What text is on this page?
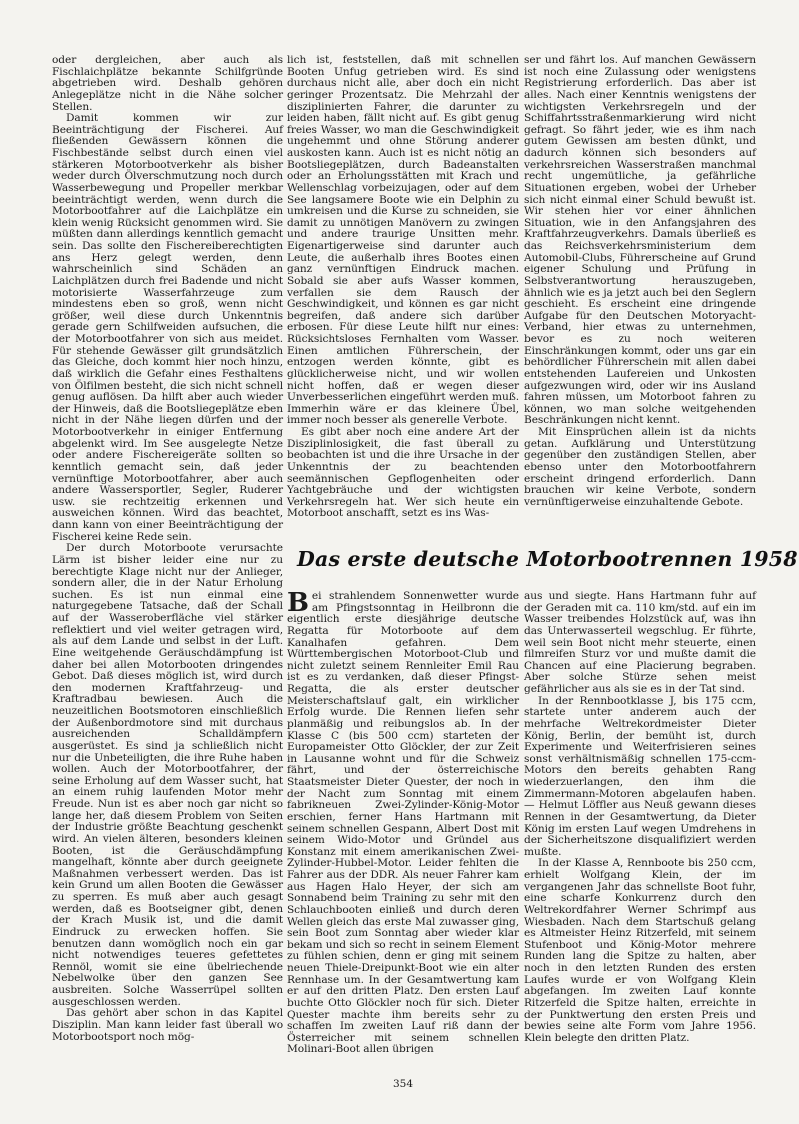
oder dergleichen, aber auch als Fischlaichplätze bekannte Schilfgründe abgetrieben wird. Deshalb gehören Anlegeplätze nicht in die Nähe solcher Stellen.

Damit kommen wir zur Beeinträchtigung der Fischerei. Auf fließenden Gewässern können die Fischbestände selbst durch einen viel stärkeren Motorbootverkehr als bisher weder durch Ölverschmutzung noch durch Wasserbewegung und Propeller merkbar beeinträchtigt werden, wenn durch die Motorbootfahrer auf die Laichplätze ein klein wenig Rücksicht genommen wird. Sie müßten dann allerdings kenntlich gemacht sein. Das sollte den Fischereiberechtigten ans Herz gelegt werden, denn wahrscheinlich sind Schäden an Laichplätzen durch frei Badende und nicht motorisierte Wasserfahrzeuge zum mindestens eben so groß, wenn nicht größer, weil diese durch Unkenntnis gerade gern Schilfweiden aufsuchen, die der Motorbootfahrer von sich aus meidet. Für stehende Gewässer gilt grundsätzlich das Gleiche, doch kommt hier noch hinzu, daß wirklich die Gefahr eines Festhaltens von Ölfilmen besteht, die sich nicht schnell genug auflösen. Da hilft aber auch wieder der Hinweis, daß die Bootsliegeplätze eben nicht in der Nähe liegen dürfen und der Motorbootverkehr in einiger Entfernung abgelenkt wird. Im See ausgelegte Netze oder andere Fischereigeräte sollten so kenntlich gemacht sein, daß jeder vernünftige Motorbootfahrer, aber auch andere Wassersportler, Segler, Ruderer usw. sie rechtzeitig erkennen und ausweichen können. Wird das beachtet, dann kann von einer Beeinträchtigung der Fischerei keine Rede sein.

Der durch Motorboote verursachte Lärm ist bisher leider eine nur zu berechtigte Klage nicht nur der Anlieger, sondern aller, die in der Natur Erholung suchen. Es ist nun einmal eine naturgegebene Tatsache, daß der Schall auf der Wasseroberfläche viel stärker reflektiert und viel weiter getragen wird, als auf dem Lande und selbst in der Luft. Eine weitgehende Geräuschdämpfung ist daher bei allen Motorbooten dringendes Gebot. Daß dieses möglich ist, wird durch den modernen Kraftfahrzeug- und Kraftradbau bewiesen. Auch die neuzeitlichen Bootsmotoren einschließlich der Außenbordmotore sind mit durchaus ausreichenden Schalldämpfern ausgerüstet. Es sind ja schließlich nicht nur die Unbeteiligten, die ihre Ruhe haben wollen. Auch der Motorbootfahrer, der seine Erholung auf dem Wasser sucht, hat an einem ruhig laufenden Motor mehr Freude. Nun ist es aber noch gar nicht so lange her, daß diesem Problem von Seiten der Industrie größte Beachtung geschenkt wird. An vielen älteren, besonders kleinen Booten, ist die Geräuschdämpfung mangelhaft, könnte aber durch geeignete Maßnahmen verbessert werden. Das ist kein Grund um allen Booten die Gewässer zu sperren. Es muß aber auch gesagt werden, daß es Bootseigner gibt, denen der Krach Musik ist, und die damit Eindruck zu erwecken hoffen. Sie benutzen dann womöglich noch ein gar nicht notwendiges teueres gefettetes Rennöl, womit sie eine übelriechende Nebelwolke über den ganzen See ausbreiten. Solche Wasserrüpel sollten ausgeschlossen werden.

Das gehört aber schon in das Kapitel Disziplin. Man kann leider fast überall wo Motorbootsport noch mög-

lich ist, feststellen, daß mit schnellen Booten Unfug getrieben wird. Es sind durchaus nicht alle, aber doch ein nicht geringer Prozentsatz. Die Mehrzahl der disziplinierten Fahrer, die darunter zu leiden haben, fällt nicht auf. Es gibt genug freies Wasser, wo man die Geschwindigkeit ungehemmt und ohne Störung anderer auskosten kann. Auch ist es nicht nötig an Bootsliegeplätzen, durch Badeanstalten oder an Erholungsstätten mit Krach und Wellenschlag vorbeizujagen, oder auf dem See langsamere Boote wie ein Delphin zu umkreisen und die Kurse zu schneiden, sie damit zu unnötigen Manövern zu zwingen und andere traurige Unsitten mehr. Eigenartigerweise sind darunter auch Leute, die außerhalb ihres Bootes einen ganz vernünftigen Eindruck machen. Sobald sie aber aufs Wasser kommen, verfallen sie dem Rausch der Geschwindigkeit, und können es gar nicht begreifen, daß andere sich darüber erbosen. Für diese Leute hilft nur eines: Rücksichtsloses Fernhalten vom Wasser. Einen amtlichen Führerschein, der entzogen werden könnte, gibt es glücklicherweise nicht, und wir wollen nicht hoffen, daß er wegen dieser Unverbesserlichen eingeführt werden muß. Immerhin wäre er das kleinere Übel, immer noch besser als generelle Verbote.

Es gibt aber noch eine andere Art der Disziplinlosigkeit, die fast überall zu beobachten ist und die ihre Ursache in der Unkenntnis der zu beachtenden seemännischen Gepflogenheiten oder Yachtgebräuche und der wichtigsten Verkehrsregeln hat. Wer sich heute ein Motorboot anschafft, setzt es ins Was-

ser und fährt los. Auf manchen Gewässern ist noch eine Zulassung oder wenigstens Registrierung erforderlich. Das aber ist alles. Nach einer Kenntnis wenigstens der wichtigsten Verkehrsregeln und der Schiffahrtsstraßenmarkierung wird nicht gefragt. So fährt jeder, wie es ihm nach gutem Gewissen am besten dünkt, und dadurch können sich besonders auf verkehrsreichen Wasserstraßen manchmal recht ungemütliche, ja gefährliche Situationen ergeben, wobei der Urheber sich nicht einmal einer Schuld bewußt ist. Wir stehen hier vor einer ähnlichen Situation, wie in den Anfangsjahren des Kraftfahrzeugverkehrs. Damals überließ es das Reichsverkehrsministerium dem Automobil-Clubs, Führerscheine auf Grund eigener Schulung und Prüfung in Selbstverantwortung herauszugeben, ähnlich wie es ja jetzt auch bei den Seglern geschieht. Es erscheint eine dringende Aufgabe für den Deutschen Motoryacht-Verband, hier etwas zu unternehmen, bevor es zu noch weiteren Einschränkungen kommt, oder uns gar ein behördlicher Führerschein mit allen dabei entstehenden Laufereien und Unkosten aufgezwungen wird, oder wir ins Ausland fahren müssen, um Motorboot fahren zu können, wo man solche weitgehenden Beschränkungen nicht kennt.

Mit Einsprüchen allein ist da nichts getan. Aufklärung und Unterstützung gegenüber den zuständigen Stellen, aber ebenso unter den Motorbootfahrern erscheint dringend erforderlich. Dann brauchen wir keine Verbote, sondern vernünftigerweise einzuhaltende Gebote.

Das erste deutsche Motorbootrennen 1958

Bei strahlendem Sonnenwetter wurde am Pfingstsonntag in Heilbronn die eigentlich erste diesjährige deutsche Regatta für Motorboote auf dem Kanalhafen gefahren. Dem Württembergischen Motorboot-Club und nicht zuletzt seinem Rennleiter Emil Rau ist es zu verdanken, daß dieser Pfingst-Regatta, die als erster deutscher Meisterschaftslauf galt, ein wirklicher Erfolg wurde. Die Rennen liefen sehr planmäßig und reibungslos ab. In der Klasse C (bis 500 ccm) starteten der Europameister Otto Glöckler, der zur Zeit in Lausanne wohnt und für die Schweiz fährt, und der österreichische Staatsmeister Dieter Quester, der noch in der Nacht zum Sonntag mit einem fabrikneuen Zwei-Zylinder-König-Motor erschien, ferner Hans Hartmann mit seinem schnellen Gespann, Albert Dost mit seinem Wido-Motor und Gründel aus Konstanz mit einem amerikanischen Zwei-Zylinder-Hubbel-Motor. Leider fehlten die Fahrer aus der DDR. Als neuer Fahrer kam aus Hagen Halo Heyer, der sich am Sonnabend beim Training zu sehr mit den Schlauchbooten einließ und durch deren Wellen gleich das erste Mal zuwasser ging, sein Boot zum Sonntag aber wieder klar bekam und sich so recht in seinem Element zu fühlen schien, denn er ging mit seinem neuen Thiele-Dreipunkt-Boot wie ein alter Rennhase um. In der Gesamtwertung kam er auf den dritten Platz. Den ersten Lauf buchte Otto Glöckler noch für sich. Dieter Quester machte ihm bereits sehr zu schaffen Im zweiten Lauf riß dann der Österreicher mit seinem schnellen Molinari-Boot allen übrigen

aus und siegte. Hans Hartmann fuhr auf der Geraden mit ca. 110 km/std. auf ein im Wasser treibendes Holzstück auf, was ihn das Unterwasserteil wegschlug. Er führte, weil sein Boot nicht mehr steuerte, einen filmreifen Sturz vor und mußte damit die Chancen auf eine Placierung begraben. Aber solche Stürze sehen meist gefährlicher aus als sie es in der Tat sind.

In der Rennbootklasse J, bis 175 ccm, startete unter anderem auch der mehrfache Weltrekordmeister Dieter König, Berlin, der bemüht ist, durch Experimente und Weiterfrisieren seines sonst verhältnismäßig schnellen 175-ccm-Motors den bereits gehabten Rang wiederzuerlangen, den ihm die Zimmermann-Motoren abgelaufen haben. — Helmut Löffler aus Neuß gewann dieses Rennen in der Gesamtwertung, da Dieter König im ersten Lauf wegen Umdrehens in der Sicherheitszone disqualifiziert werden mußte.

In der Klasse A, Rennboote bis 250 ccm, erhielt Wolfgang Klein, der im vergangenen Jahr das schnellste Boot fuhr, eine scharfe Konkurrenz durch den Weltrekordfahrer Werner Schrimpf aus Wiesbaden. Nach dem Startschuß gelang es Altmeister Heinz Ritzerfeld, mit seinem Stufenboot und König-Motor mehrere Runden lang die Spitze zu halten, aber noch in den letzten Runden des ersten Laufes wurde er von Wolfgang Klein abgefangen. Im zweiten Lauf konnte Ritzerfeld die Spitze halten, erreichte in der Punktwertung den ersten Preis und bewies seine alte Form vom Jahre 1956. Klein belegte den dritten Platz.

354
